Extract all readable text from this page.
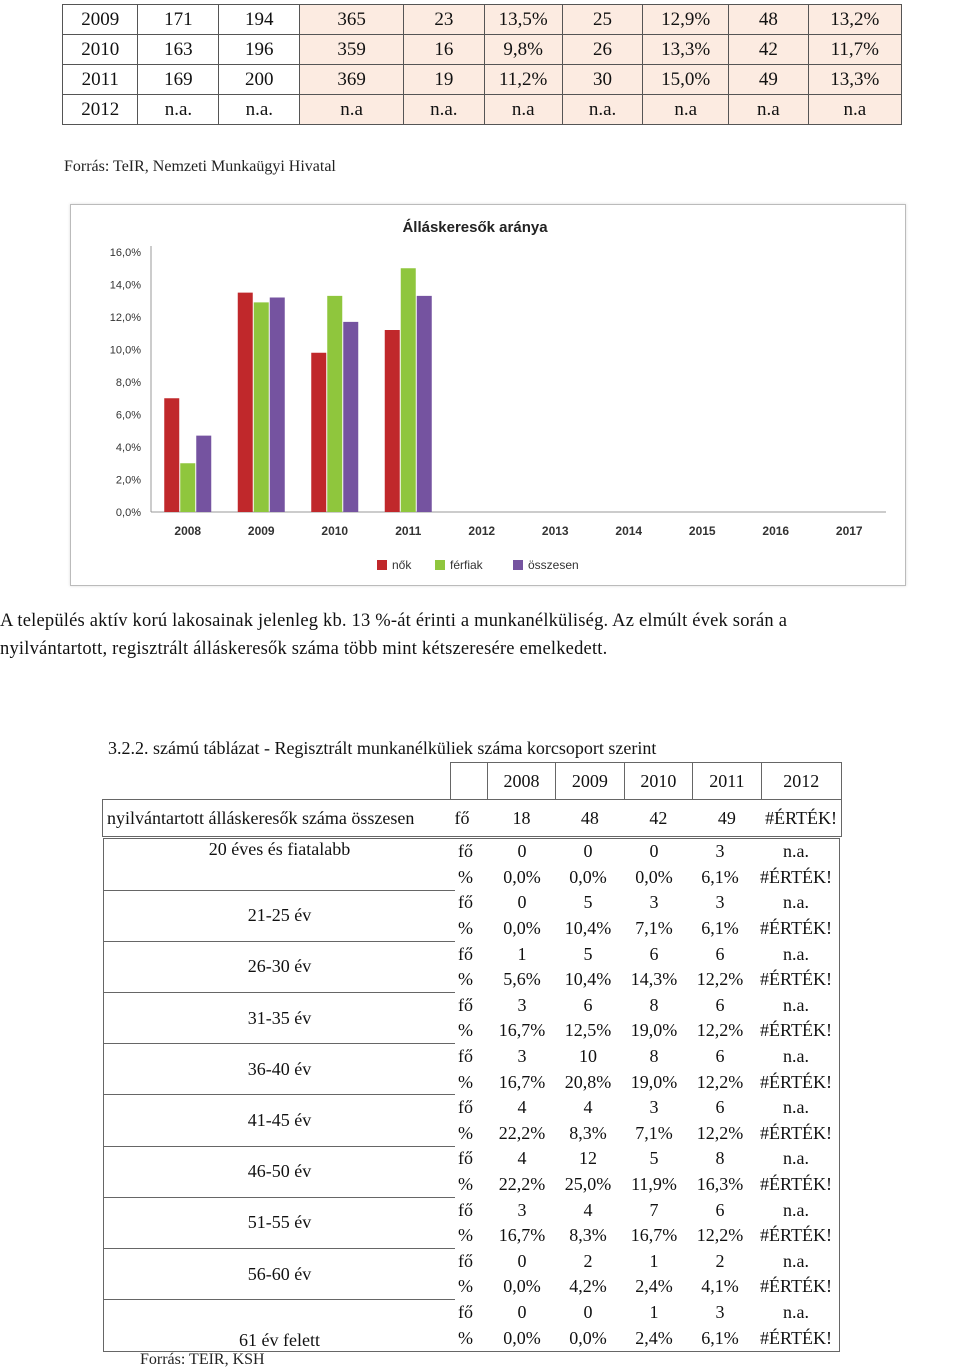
2009	171	194	365	23	13,5%	25	12,9%	48	13,2%
2010	163	196	359	16	9,8%	26	13,3%	42	11,7%
2011	169	200	369	19	11,2%	30	15,0%	49	13,3%
2012	n.a.	n.a.	n.a	n.a.	n.a	n.a.	n.a	n.a	n.a
Forrás: TeIR, Nemzeti Munkaügyi Hivatal
Álláskeresők aránya
0,0%
2,0%
4,0%
6,0%
8,0%
10,0%
12,0%
14,0%
16,0%
2008	2009	2010	2011	2012	2013	2014	2015	2016	2017
nők	férfiak	összesen
A település aktív korú lakosainak jelenleg kb. 13 %-át érinti a munkanélküliség. Az elmúlt évek során a
nyilvántartott, regisztrált álláskeresők száma több mint kétszeresére emelkedett.
3.2.2. számú táblázat - Regisztrált munkanélküliek száma korcsoport szerint
		2008	2009	2010	2011	2012
nyilvántartott álláskeresők száma összesen	fő	18	48	42	49	#ÉRTÉK!
20 éves és fiatalabb	fő	0	0	0	3	n.a.
	%	0,0%	0,0%	0,0%	6,1%	#ÉRTÉK!
21-25 év	fő	0	5	3	3	n.a.
	%	0,0%	10,4%	7,1%	6,1%	#ÉRTÉK!
26-30 év	fő	1	5	6	6	n.a.
	%	5,6%	10,4%	14,3%	12,2%	#ÉRTÉK!
31-35 év	fő	3	6	8	6	n.a.
	%	16,7%	12,5%	19,0%	12,2%	#ÉRTÉK!
36-40 év	fő	3	10	8	6	n.a.
	%	16,7%	20,8%	19,0%	12,2%	#ÉRTÉK!
41-45 év	fő	4	4	3	6	n.a.
	%	22,2%	8,3%	7,1%	12,2%	#ÉRTÉK!
46-50 év	fő	4	12	5	8	n.a.
	%	22,2%	25,0%	11,9%	16,3%	#ÉRTÉK!
51-55 év	fő	3	4	7	6	n.a.
	%	16,7%	8,3%	16,7%	12,2%	#ÉRTÉK!
56-60 év	fő	0	2	1	2	n.a.
	%	0,0%	4,2%	2,4%	4,1%	#ÉRTÉK!
61 év felett	fő	0	0	1	3	n.a.
	%	0,0%	0,0%	2,4%	6,1%	#ÉRTÉK!
Forrás: TEIR, KSH
